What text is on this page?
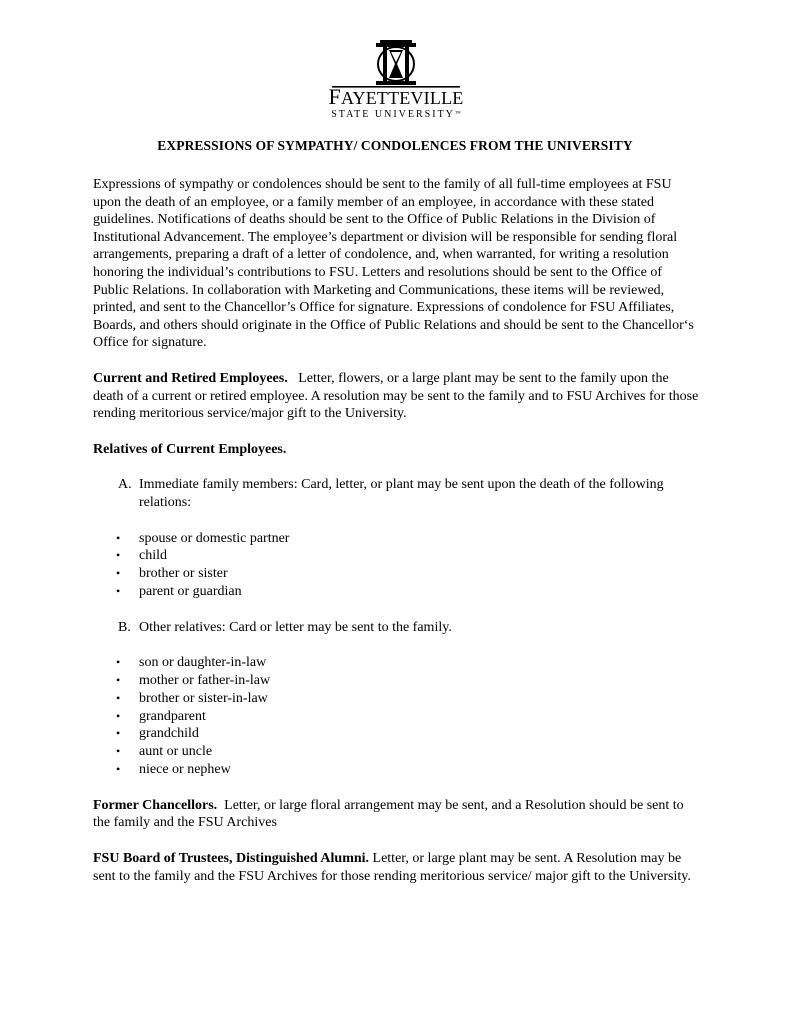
FAYETTEVILLE
STATE UNIVERSITY™
EXPRESSIONS OF SYMPATHY/ CONDOLENCES FROM THE UNIVERSITY

Expressions of sympathy or condolences should be sent to the family of all full-time employees at FSU upon the death of an employee, or a family member of an employee, in accordance with these stated guidelines. Notifications of deaths should be sent to the Office of Public Relations in the Division of Institutional Advancement. The employee’s department or division will be responsible for sending floral arrangements, preparing a draft of a letter of condolence, and, when warranted, for writing a resolution honoring the individual’s contributions to FSU. Letters and resolutions should be sent to the Office of Public Relations. In collaboration with Marketing and Communications, these items will be reviewed, printed, and sent to the Chancellor’s Office for signature. Expressions of condolence for FSU Affiliates, Boards, and others should originate in the Office of Public Relations and should be sent to the Chancellor‘s Office for signature.

Current and Retired Employees. Letter, flowers, or a large plant may be sent to the family upon the death of a current or retired employee. A resolution may be sent to the family and to FSU Archives for those rending meritorious service/major gift to the University.

Relatives of Current Employees.

A. Immediate family members: Card, letter, or plant may be sent upon the death of the following relations:
• spouse or domestic partner
• child
• brother or sister
• parent or guardian
B. Other relatives: Card or letter may be sent to the family.
• son or daughter-in-law
• mother or father-in-law
• brother or sister-in-law
• grandparent
• grandchild
• aunt or uncle
• niece or nephew

Former Chancellors. Letter, or large floral arrangement may be sent, and a Resolution should be sent to the family and the FSU Archives

FSU Board of Trustees, Distinguished Alumni. Letter, or large plant may be sent. A Resolution may be sent to the family and the FSU Archives for those rending meritorious service/ major gift to the University.
